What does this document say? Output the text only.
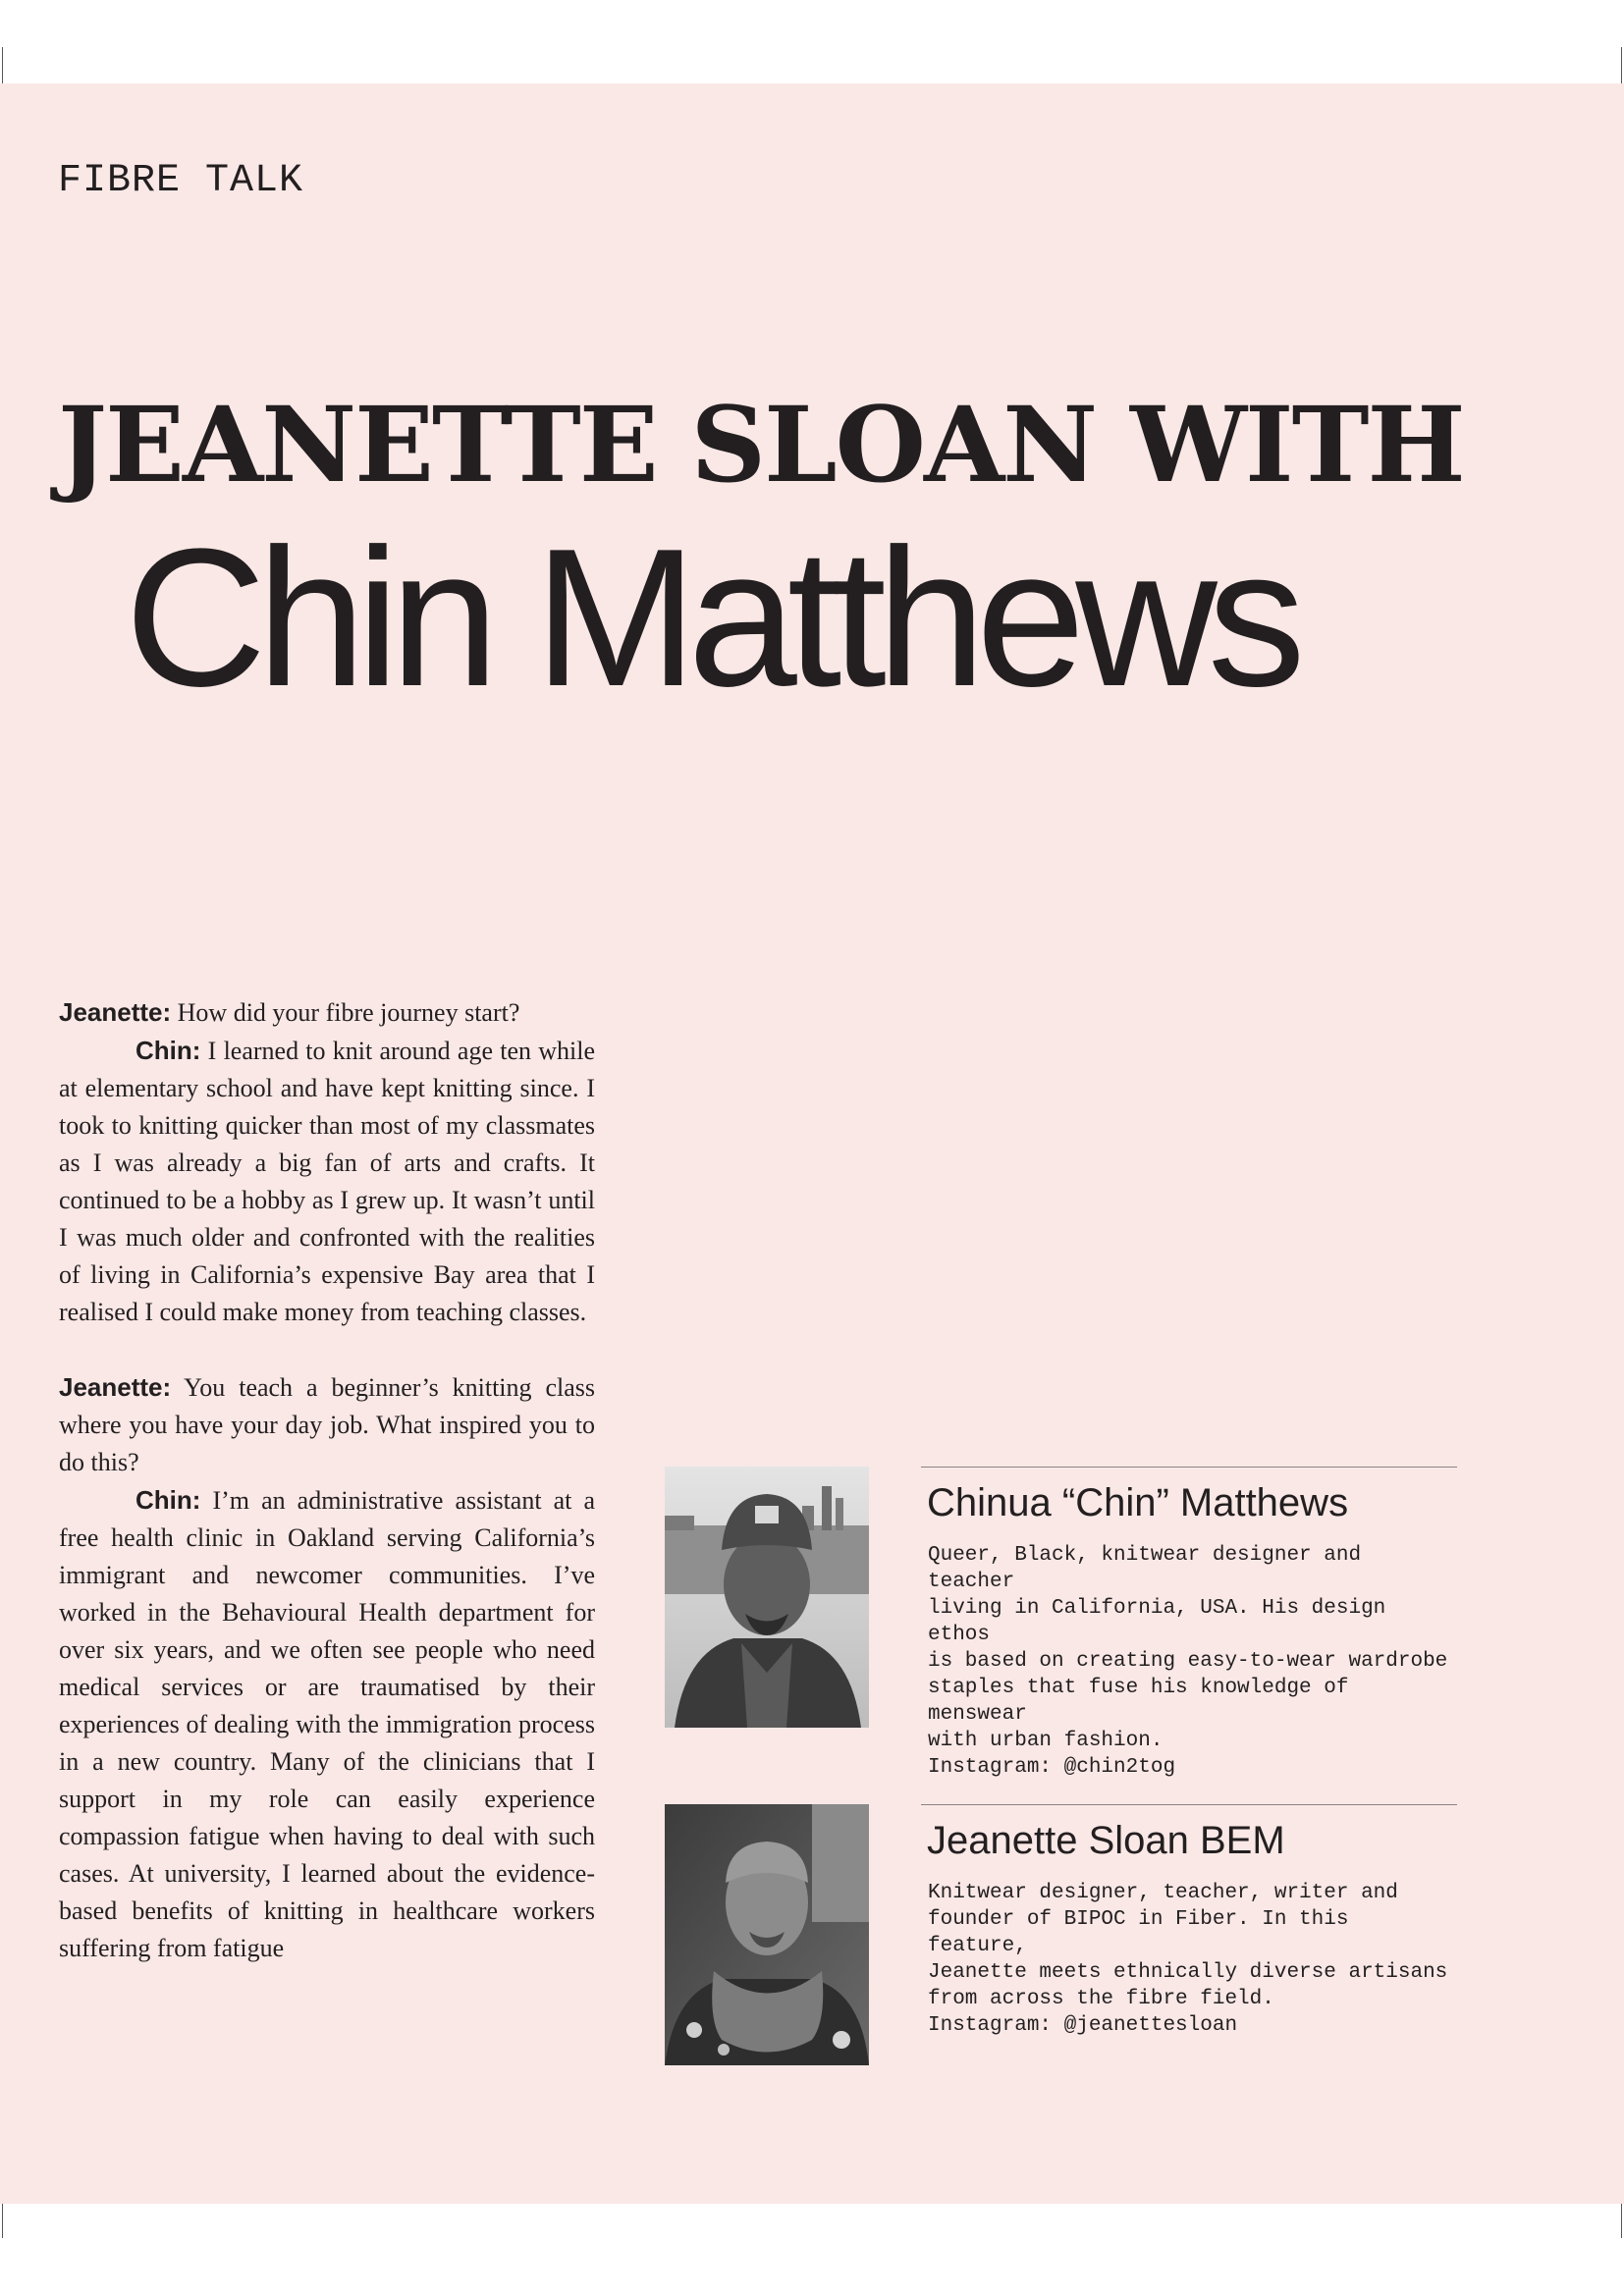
FIBRE TALK

JEANETTE SLOAN WITH
Chin Matthews

Jeanette: How did your fibre journey start?

Chin: I learned to knit around age ten while at elementary school and have kept knitting since. I took to knitting quicker than most of my classmates as I was already a big fan of arts and crafts. It continued to be a hobby as I grew up. It wasn’t until I was much older and confronted with the realities of living in California’s expensive Bay area that I realised I could make money from teaching classes.

Jeanette: You teach a beginner’s knitting class where you have your day job. What inspired you to do this?

Chin: I’m an administrative assistant at a free health clinic in Oakland serving California’s immigrant and newcomer communities. I’ve worked in the Behavioural Health department for over six years, and we often see people who need medical services or are traumatised by their experiences of dealing with the immigration process in a new country. Many of the clinicians that I support in my role can easily experience compassion fatigue when having to deal with such cases. At university, I learned about the evidence-based benefits of knitting in healthcare workers suffering from fatigue

Chinua “Chin” Matthews

Queer, Black, knitwear designer and teacher
living in California, USA. His design ethos
is based on creating easy-to-wear wardrobe
staples that fuse his knowledge of menswear
with urban fashion.
Instagram: @chin2tog

Jeanette Sloan BEM

Knitwear designer, teacher, writer and
founder of BIPOC in Fiber. In this feature,
Jeanette meets ethnically diverse artisans
from across the fibre field.
Instagram: @jeanettesloan
